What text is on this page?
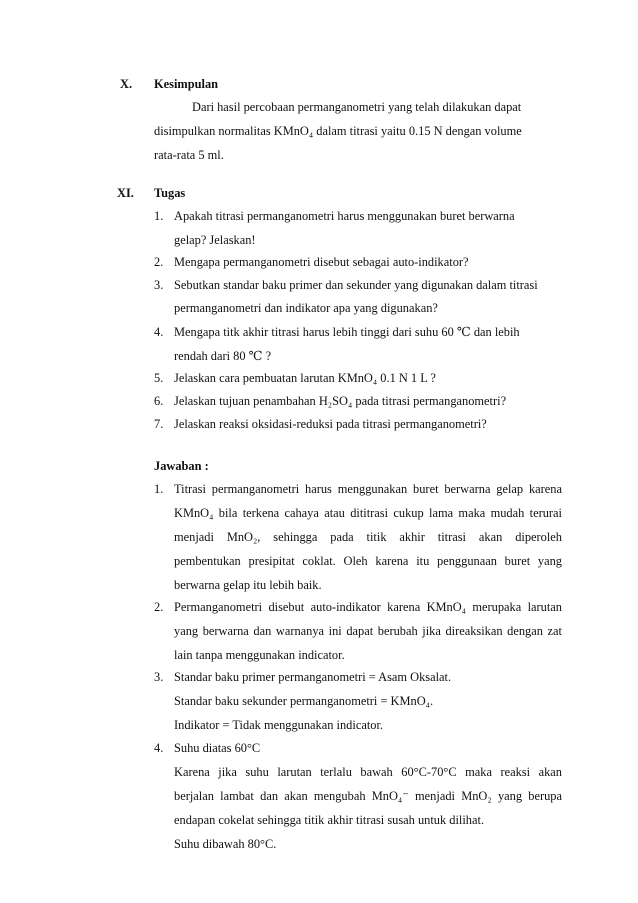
X. Kesimpulan
Dari hasil percobaan permanganometri yang telah dilakukan dapat
disimpulkan normalitas KMnO₄ dalam titrasi yaitu 0.15 N dengan volume
rata-rata 5 ml.
XI. Tugas
1. Apakah titrasi permanganometri harus menggunakan buret berwarna
gelap? Jelaskan!
2. Mengapa permanganometri disebut sebagai auto-indikator?
3. Sebutkan standar baku primer dan sekunder yang digunakan dalam titrasi
permanganometri dan indikator apa yang digunakan?
4. Mengapa titk akhir titrasi harus lebih tinggi dari suhu 60 ℃ dan lebih
rendah dari 80 ℃ ?
5. Jelaskan cara pembuatan larutan KMnO₄ 0.1 N 1 L ?
6. Jelaskan tujuan penambahan H₂SO₄ pada titrasi permanganometri?
7. Jelaskan reaksi oksidasi-reduksi pada titrasi permanganometri?
Jawaban :
1. Titrasi permanganometri harus menggunakan buret berwarna gelap karena
KMnO₄ bila terkena cahaya atau dititrasi cukup lama maka mudah terurai
menjadi MnO₂, sehingga pada titik akhir titrasi akan diperoleh
pembentukan presipitat coklat. Oleh karena itu penggunaan buret yang
berwarna gelap itu lebih baik.
2. Permanganometri disebut auto-indikator karena KMnO₄ merupaka larutan
yang berwarna dan warnanya ini dapat berubah jika direaksikan dengan zat
lain tanpa menggunakan indicator.
3. Standar baku primer permanganometri = Asam Oksalat.
Standar baku sekunder permanganometri = KMnO₄.
Indikator = Tidak menggunakan indicator.
4. Suhu diatas 60°C
Karena jika suhu larutan terlalu bawah 60°C-70°C maka reaksi akan
berjalan lambat dan akan mengubah MnO₄⁻ menjadi MnO₂ yang berupa
endapan cokelat sehingga titik akhir titrasi susah untuk dilihat.
Suhu dibawah 80°C.
